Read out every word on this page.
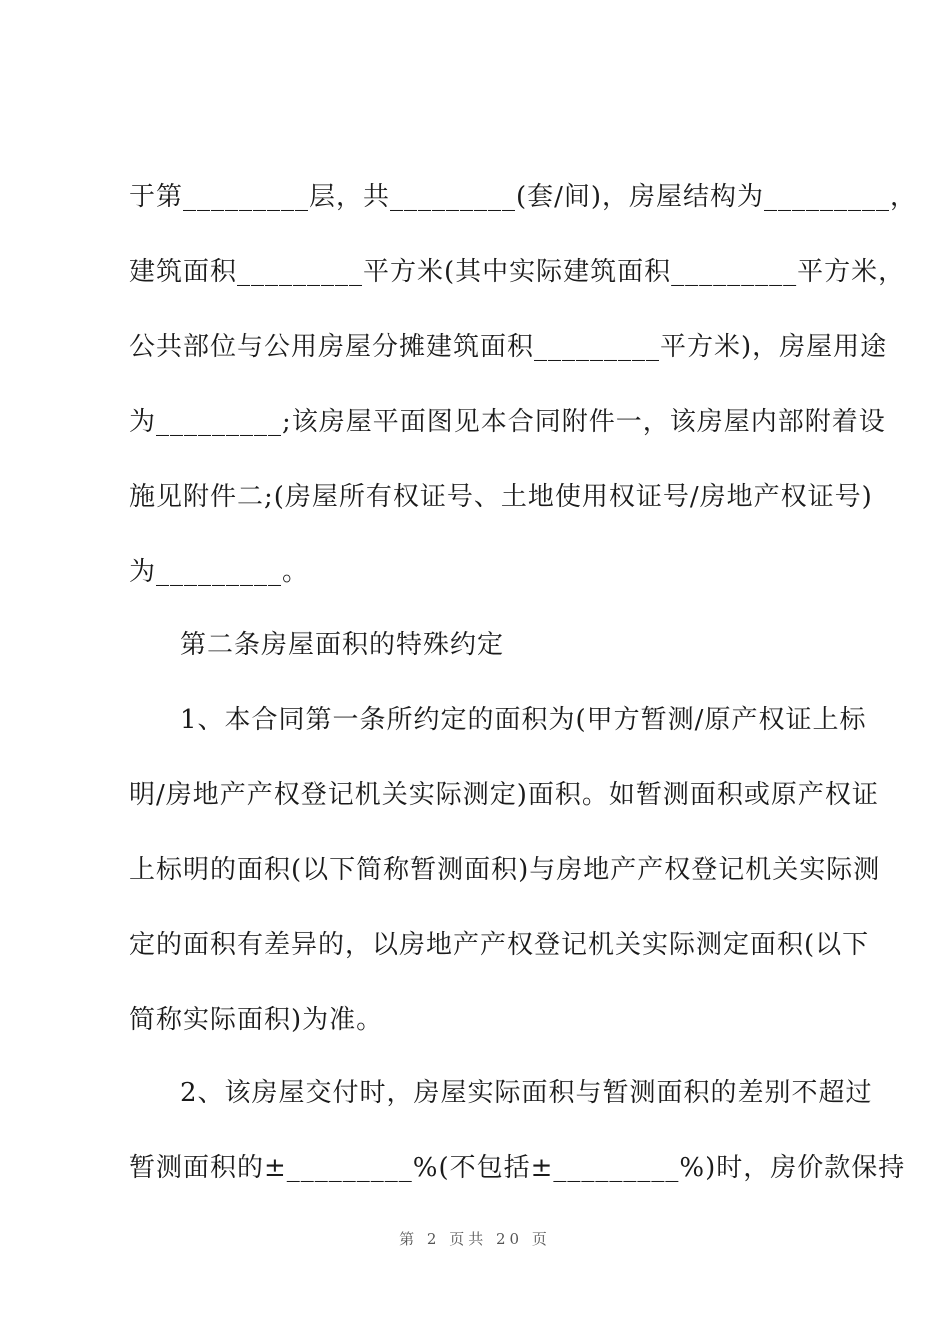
于第_________层，共_________(套/间)，房屋结构为_________，
建筑面积_________平方米(其中实际建筑面积_________平方米，
公共部位与公用房屋分摊建筑面积_________平方米)，房屋用途
为_________;该房屋平面图见本合同附件一，该房屋内部附着设
施见附件二;(房屋所有权证号、土地使用权证号/房地产权证号)
为_________。
第二条房屋面积的特殊约定
1、本合同第一条所约定的面积为(甲方暂测/原产权证上标
明/房地产产权登记机关实际测定)面积。如暂测面积或原产权证
上标明的面积(以下简称暂测面积)与房地产产权登记机关实际测
定的面积有差异的，以房地产产权登记机关实际测定面积(以下
简称实际面积)为准。
2、该房屋交付时，房屋实际面积与暂测面积的差别不超过
暂测面积的±_________%(不包括±_________%)时，房价款保持
第 2 页共 20 页
